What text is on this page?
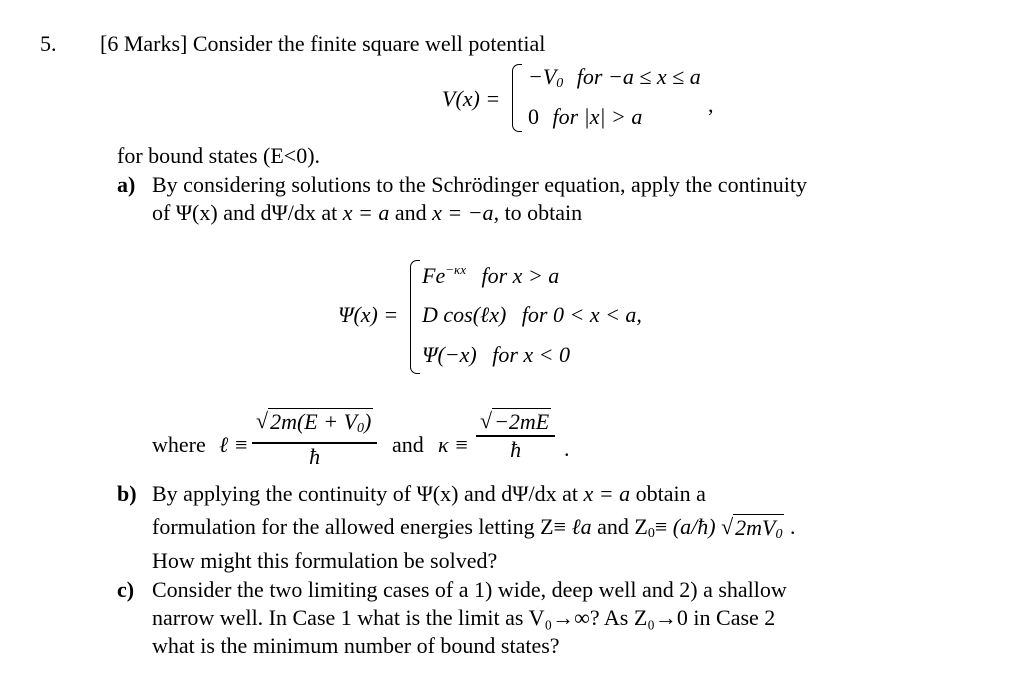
5. [6 Marks] Consider the finite square well potential
V(x) =
$-V_0$ for −a ≤ x ≤ a
0 for |x| > a	,
for bound states (E<0).
a) By considering solutions to the Schrödinger equation, apply the continuity
of Ψ(x) and dΨ/dx at x = a and x = −a, to obtain
Ψ(x) =
$Fe^{-\kappa x}$ for x > a
D cos(ℓx) for 0 < x < a,
Ψ(−x) for x < 0
where ℓ ≡
√ $2m(E + V_0)$
ħ	and κ ≡
√ −2mE
ħ .
b) By applying the continuity of Ψ(x) and dΨ/dx at x = a obtain a
formulation for the allowed energies letting Z≡ ℓa and $Z_0\equiv$ (a/ħ) √ $2mV_0$ .
How might this formulation be solved?
c) Consider the two limiting cases of a 1) wide, deep well and 2) a shallow
narrow well. In Case 1 what is the limit as V₀→∞? As Z₀→0 in Case 2
what is the minimum number of bound states?
